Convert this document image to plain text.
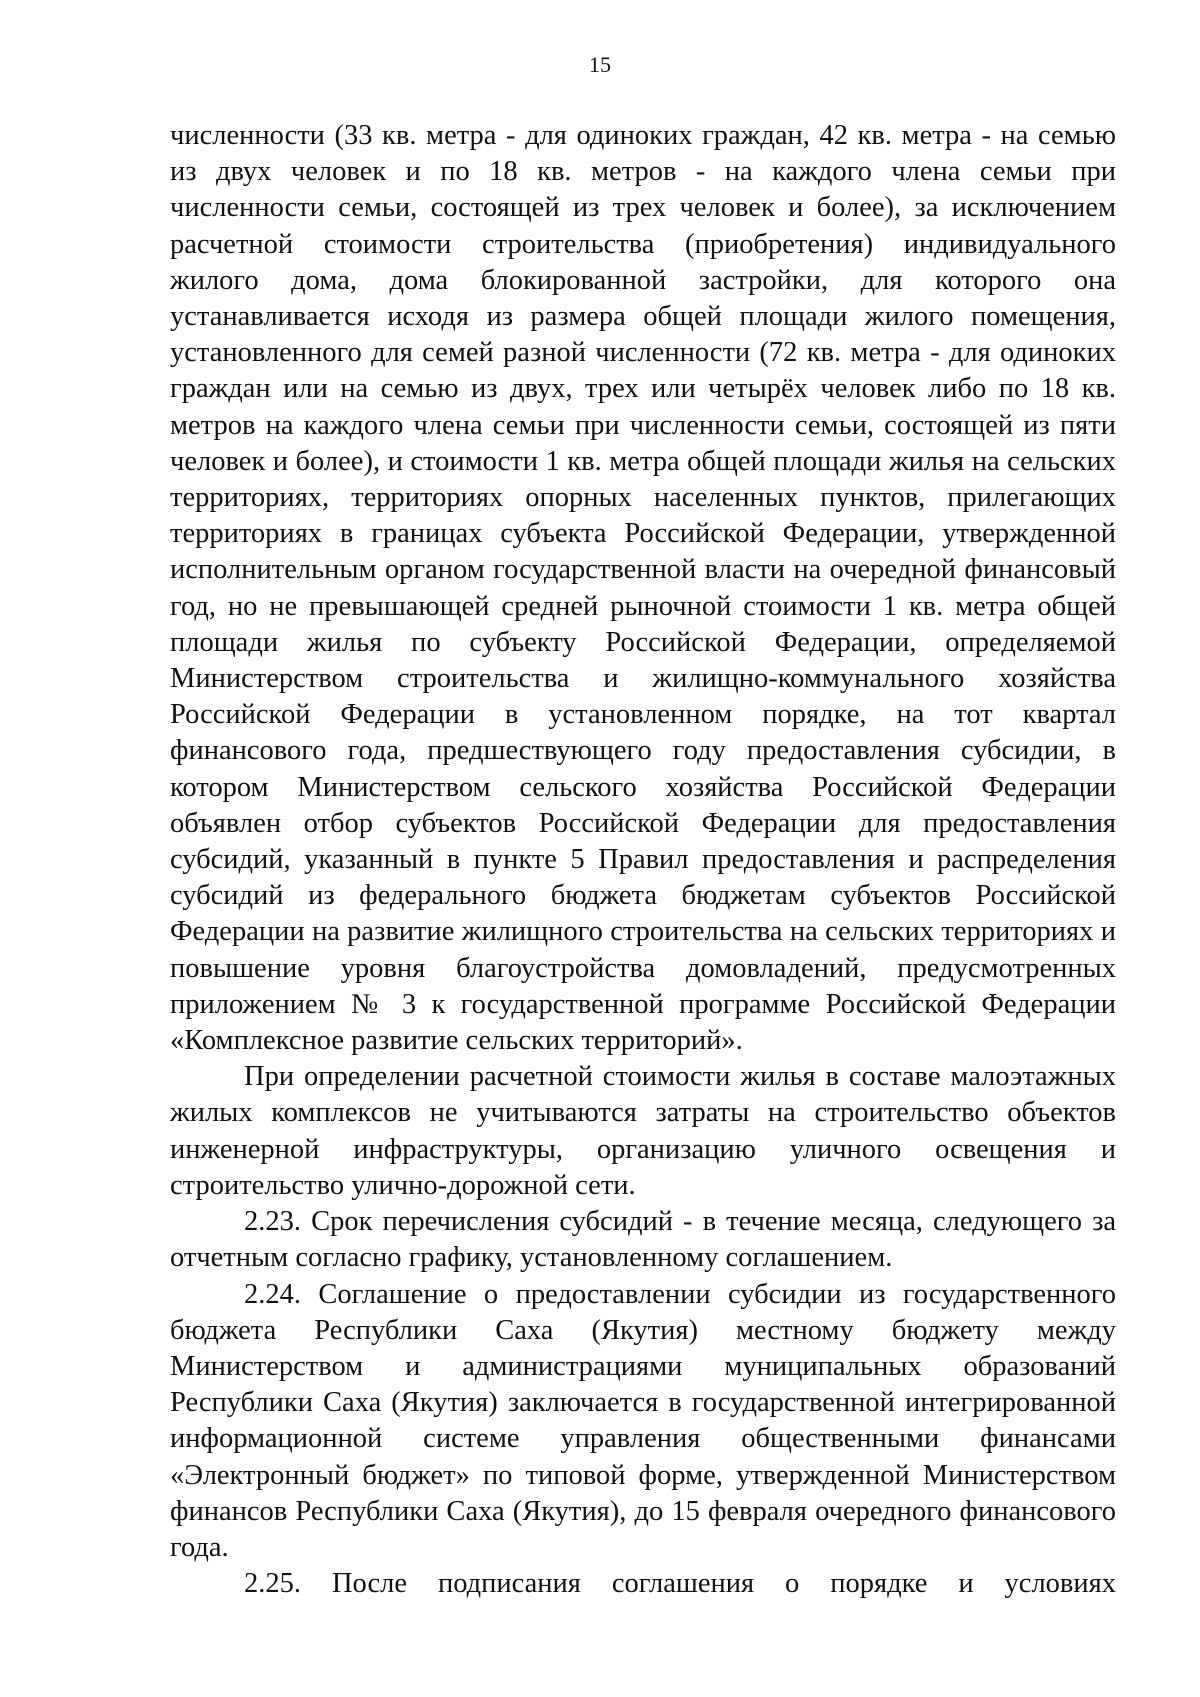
15

численности (33 кв. метра - для одиноких граждан, 42 кв. метра - на семью из двух человек и по 18 кв. метров - на каждого члена семьи при численности семьи, состоящей из трех человек и более), за исключением расчетной стоимости строительства (приобретения) индивидуального жилого дома, дома блокированной застройки, для которого она устанавливается исходя из размера общей площади жилого помещения, установленного для семей разной численности (72 кв. метра - для одиноких граждан или на семью из двух, трех или четырёх человек либо по 18 кв. метров на каждого члена семьи при численности семьи, состоящей из пяти человек и более), и стоимости 1 кв. метра общей площади жилья на сельских территориях, территориях опорных населенных пунктов, прилегающих территориях в границах субъекта Российской Федерации, утвержденной исполнительным органом государственной власти на очередной финансовый год, но не превышающей средней рыночной стоимости 1 кв. метра общей площади жилья по субъекту Российской Федерации, определяемой Министерством строительства и жилищно-коммунального хозяйства Российской Федерации в установленном порядке, на тот квартал финансового года, предшествующего году предоставления субсидии, в котором Министерством сельского хозяйства Российской Федерации объявлен отбор субъектов Российской Федерации для предоставления субсидий, указанный в пункте 5 Правил предоставления и распределения субсидий из федерального бюджета бюджетам субъектов Российской Федерации на развитие жилищного строительства на сельских территориях и повышение уровня благоустройства домовладений, предусмотренных приложением № 3 к государственной программе Российской Федерации «Комплексное развитие сельских территорий».

При определении расчетной стоимости жилья в составе малоэтажных жилых комплексов не учитываются затраты на строительство объектов инженерной инфраструктуры, организацию уличного освещения и строительство улично-дорожной сети.

2.23. Срок перечисления субсидий - в течение месяца, следующего за отчетным согласно графику, установленному соглашением.

2.24. Соглашение о предоставлении субсидии из государственного бюджета Республики Саха (Якутия) местному бюджету между Министерством и администрациями муниципальных образований Республики Саха (Якутия) заключается в государственной интегрированной информационной системе управления общественными финансами «Электронный бюджет» по типовой форме, утвержденной Министерством финансов Республики Саха (Якутия), до 15 февраля очередного финансового года.

2.25. После подписания соглашения о порядке и условиях
